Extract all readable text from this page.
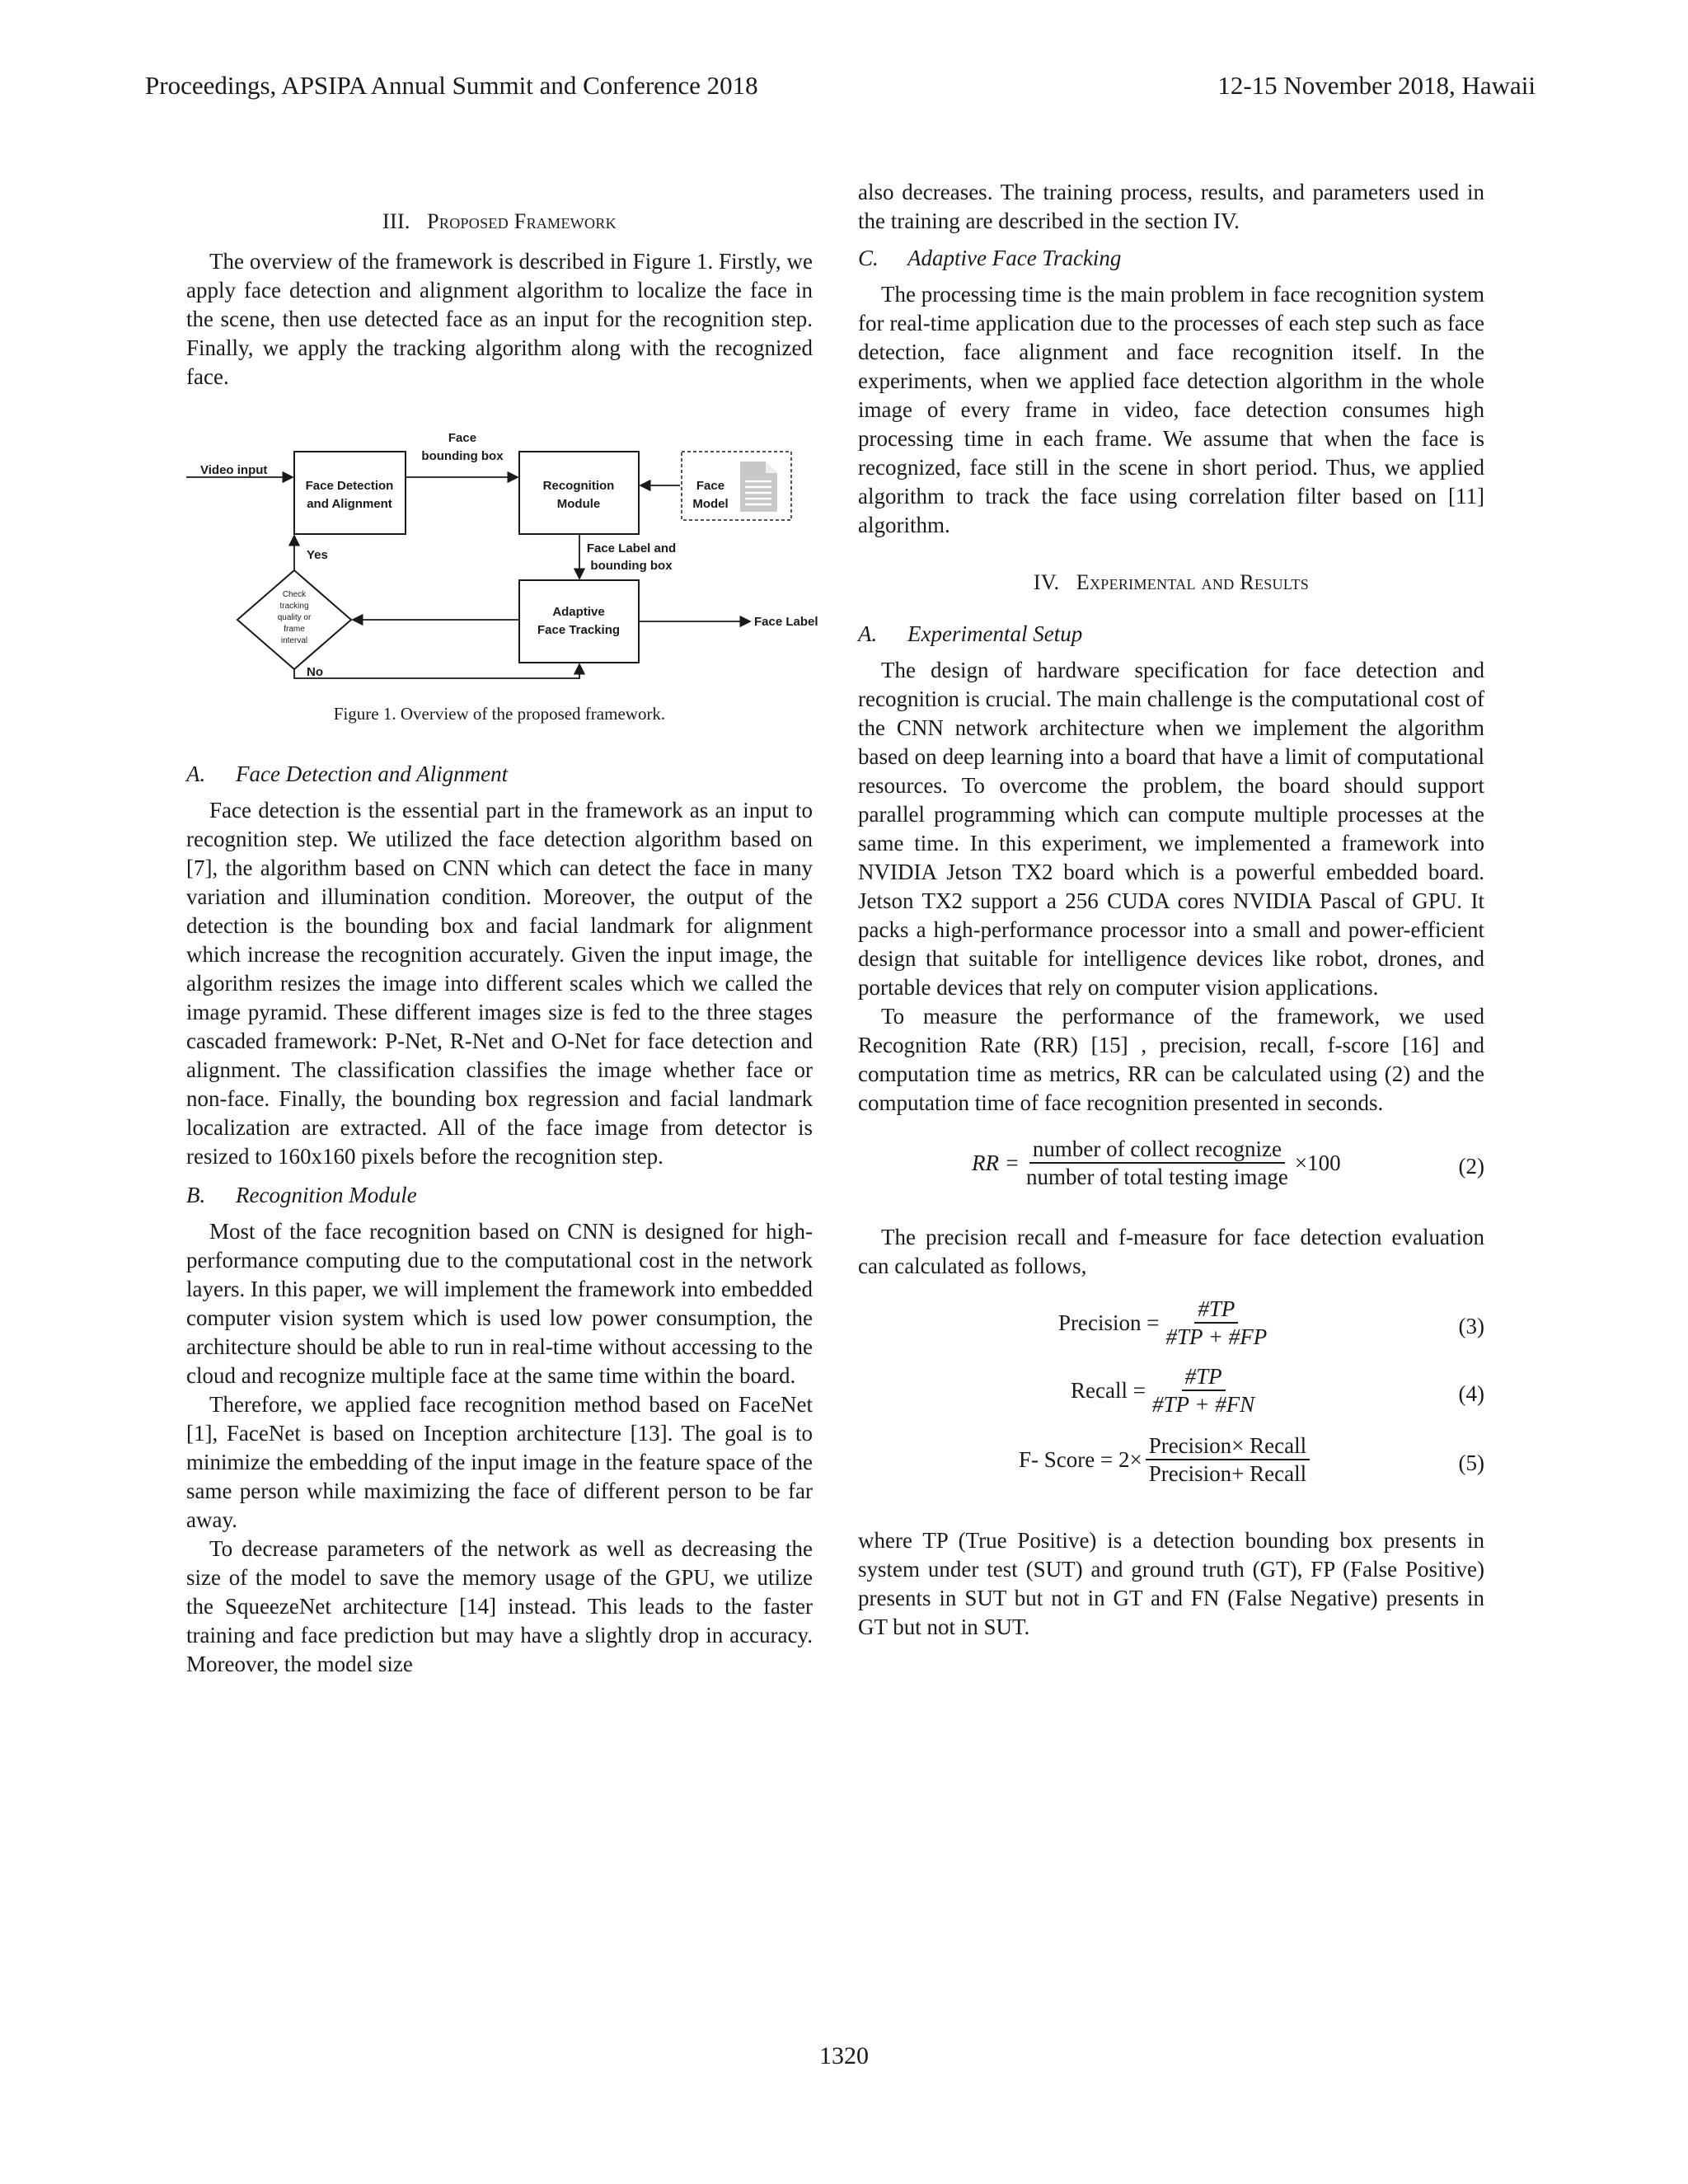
Proceedings, APSIPA Annual Summit and Conference 2018	12-15 November 2018, Hawaii
III. Proposed Framework

The overview of the framework is described in Figure 1. Firstly, we apply face detection and alignment algorithm to localize the face in the scene, then use detected face as an input for the recognition step. Finally, we apply the tracking algorithm along with the recognized face.

Video input
Face Detection
and Alignment
Face
bounding box
Recognition
Module
Face
Model
Face Label and
bounding box
Adaptive
Face Tracking
Face Label
Yes
No
Check
tracking
quality or
frame
interval
Figure 1. Overview of the proposed framework.
A. Face Detection and Alignment

Face detection is the essential part in the framework as an input to recognition step. We utilized the face detection algorithm based on [7], the algorithm based on CNN which can detect the face in many variation and illumination condition. Moreover, the output of the detection is the bounding box and facial landmark for alignment which increase the recognition accurately. Given the input image, the algorithm resizes the image into different scales which we called the image pyramid. These different images size is fed to the three stages cascaded framework: P-Net, R-Net and O-Net for face detection and alignment. The classification classifies the image whether face or non-face. Finally, the bounding box regression and facial landmark localization are extracted. All of the face image from detector is resized to 160x160 pixels before the recognition step.

B. Recognition Module

Most of the face recognition based on CNN is designed for high-performance computing due to the computational cost in the network layers. In this paper, we will implement the framework into embedded computer vision system which is used low power consumption, the architecture should be able to run in real-time without accessing to the cloud and recognize multiple face at the same time within the board.

Therefore, we applied face recognition method based on FaceNet [1], FaceNet is based on Inception architecture [13]. The goal is to minimize the embedding of the input image in the feature space of the same person while maximizing the face of different person to be far away.

To decrease parameters of the network as well as decreasing the size of the model to save the memory usage of the GPU, we utilize the SqueezeNet architecture [14] instead. This leads to the faster training and face prediction but may have a slightly drop in accuracy. Moreover, the model size

also decreases. The training process, results, and parameters used in the training are described in the section IV.

C. Adaptive Face Tracking

The processing time is the main problem in face recognition system for real-time application due to the processes of each step such as face detection, face alignment and face recognition itself. In the experiments, when we applied face detection algorithm in the whole image of every frame in video, face detection consumes high processing time in each frame. We assume that when the face is recognized, face still in the scene in short period. Thus, we applied algorithm to track the face using correlation filter based on [11] algorithm.

IV. Experimental and Results
A. Experimental Setup

The design of hardware specification for face detection and recognition is crucial. The main challenge is the computational cost of the CNN network architecture when we implement the algorithm based on deep learning into a board that have a limit of computational resources. To overcome the problem, the board should support parallel programming which can compute multiple processes at the same time. In this experiment, we implemented a framework into NVIDIA Jetson TX2 board which is a powerful embedded board. Jetson TX2 support a 256 CUDA cores NVIDIA Pascal of GPU. It packs a high-performance processor into a small and power-efficient design that suitable for intelligence devices like robot, drones, and portable devices that rely on computer vision applications.

To measure the performance of the framework, we used Recognition Rate (RR) [15] , precision, recall, f-score [16] and computation time as metrics, RR can be calculated using (2) and the computation time of face recognition presented in seconds.

RR = $\frac{\text{number of collect recognize}}{\text{number of total testing image}} \times 100$	(2)

The precision recall and f-measure for face detection evaluation can calculated as follows,

Precision = $\frac{\#TP}{\#TP + \#FP}$	(3)
Recall = $\frac{\#TP}{\#TP + \#FN}$	(4)
F- Score = $2\times \frac{\text{Precision× Recall}}{\text{Precision+ Recall}}$	(5)

where TP (True Positive) is a detection bounding box presents in system under test (SUT) and ground truth (GT), FP (False Positive) presents in SUT but not in GT and FN (False Negative) presents in GT but not in SUT.

1320
